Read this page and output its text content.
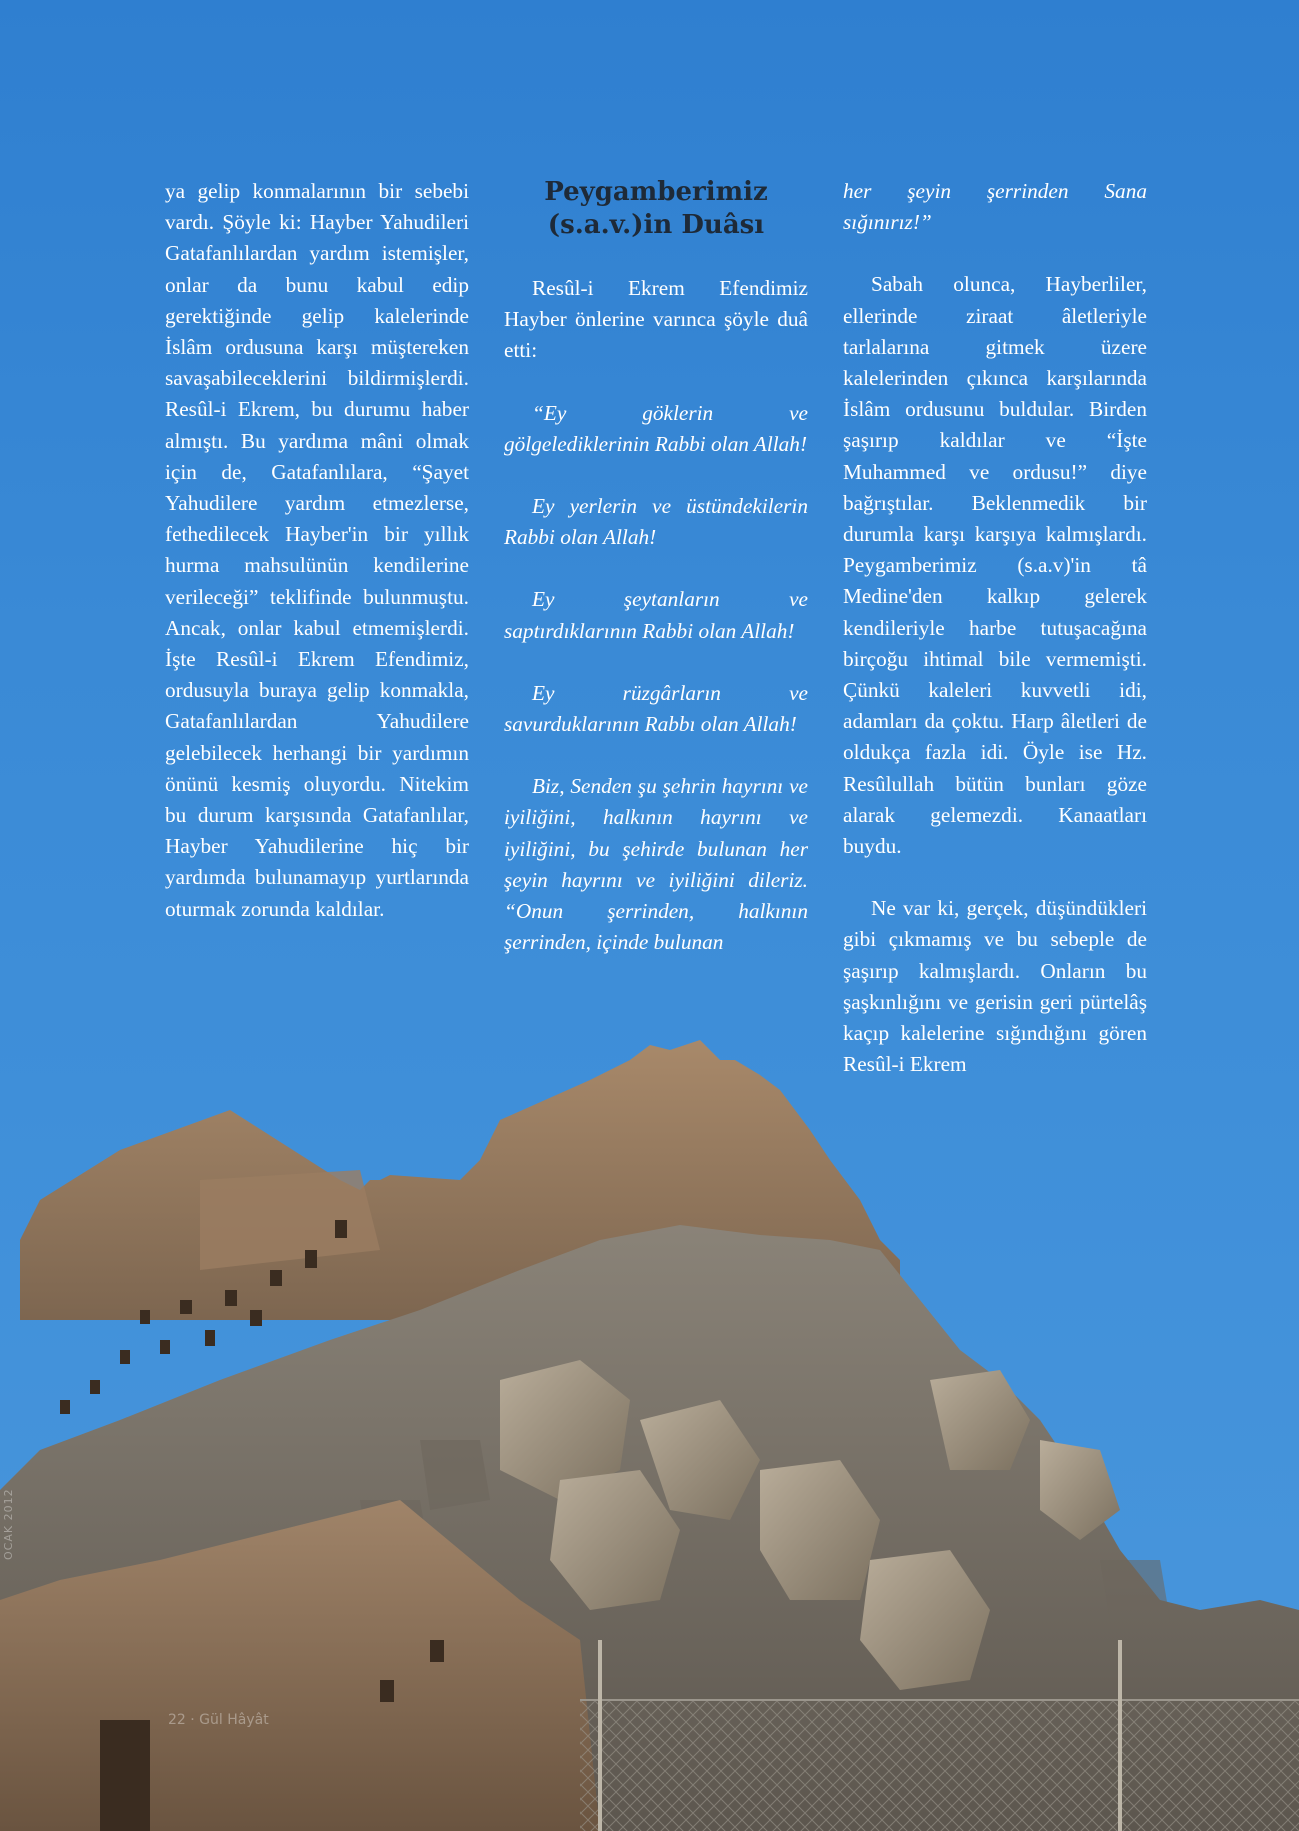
ya gelip konmalarının bir sebebi vardı. Şöyle ki: Hayber Yahudileri Gatafanlılardan yardım istemişler, onlar da bunu kabul edip gerektiğinde gelip kalelerinde İslâm ordusuna karşı müştereken savaşabileceklerini bildirmişlerdi. Resûl-i Ekrem, bu durumu haber almıştı. Bu yardıma mâni olmak için de, Gatafanlılara, “Şayet Yahudilere yardım etmezlerse, fethedilecek Hayber'in bir yıllık hurma mahsulünün kendilerine verileceği” teklifinde bulunmuştu. Ancak, onlar kabul etmemişlerdi. İşte Resûl-i Ekrem Efendimiz, ordusuyla buraya gelip konmakla, Gatafanlılardan Yahudilere gelebilecek herhangi bir yardımın önünü kesmiş oluyordu. Nitekim bu durum karşısında Gatafanlılar, Hayber Yahudilerine hiç bir yardımda bulunamayıp yurtlarında oturmak zorunda kaldılar.

Peygamberimiz (s.a.v.)in Duâsı

Resûl-i Ekrem Efendimiz Hayber önlerine varınca şöyle duâ etti:

“Ey göklerin ve gölgelediklerinin Rabbi olan Allah!

Ey yerlerin ve üstündekilerin Rabbi olan Allah!

Ey şeytanların ve saptırdıklarının Rabbi olan Allah!

Ey rüzgârların ve savurduklarının Rabbı olan Allah!

Biz, Senden şu şehrin hayrını ve iyiliğini, halkının hayrını ve iyiliğini, bu şehirde bulunan her şeyin hayrını ve iyiliğini dileriz. “Onun şerrinden, halkının şerrinden, içinde bulunan

her şeyin şerrinden Sana sığınırız!”

Sabah olunca, Hayberliler, ellerinde ziraat âletleriyle tarlalarına gitmek üzere kalelerinden çıkınca karşılarında İslâm ordusunu buldular. Birden şaşırıp kaldılar ve “İşte Muhammed ve ordusu!” diye bağrıştılar. Beklenmedik bir durumla karşı karşıya kalmışlardı. Peygamberimiz (s.a.v)'in tâ Medine'den kalkıp gelerek kendileriyle harbe tutuşacağına birçoğu ihtimal bile vermemişti. Çünkü kaleleri kuvvetli idi, adamları da çoktu. Harp âletleri de oldukça fazla idi. Öyle ise Hz. Resûlullah bütün bunları göze alarak gelemezdi. Kanaatları buydu.

Ne var ki, gerçek, düşündükleri gibi çıkmamış ve bu sebeple de şaşırıp kalmışlardı. Onların bu şaşkınlığını ve gerisin geri pürtelâş kaçıp kalelerine sığındığını gören Resûl-i Ekrem

OCAK 2012
22 · Gül Hâyât
